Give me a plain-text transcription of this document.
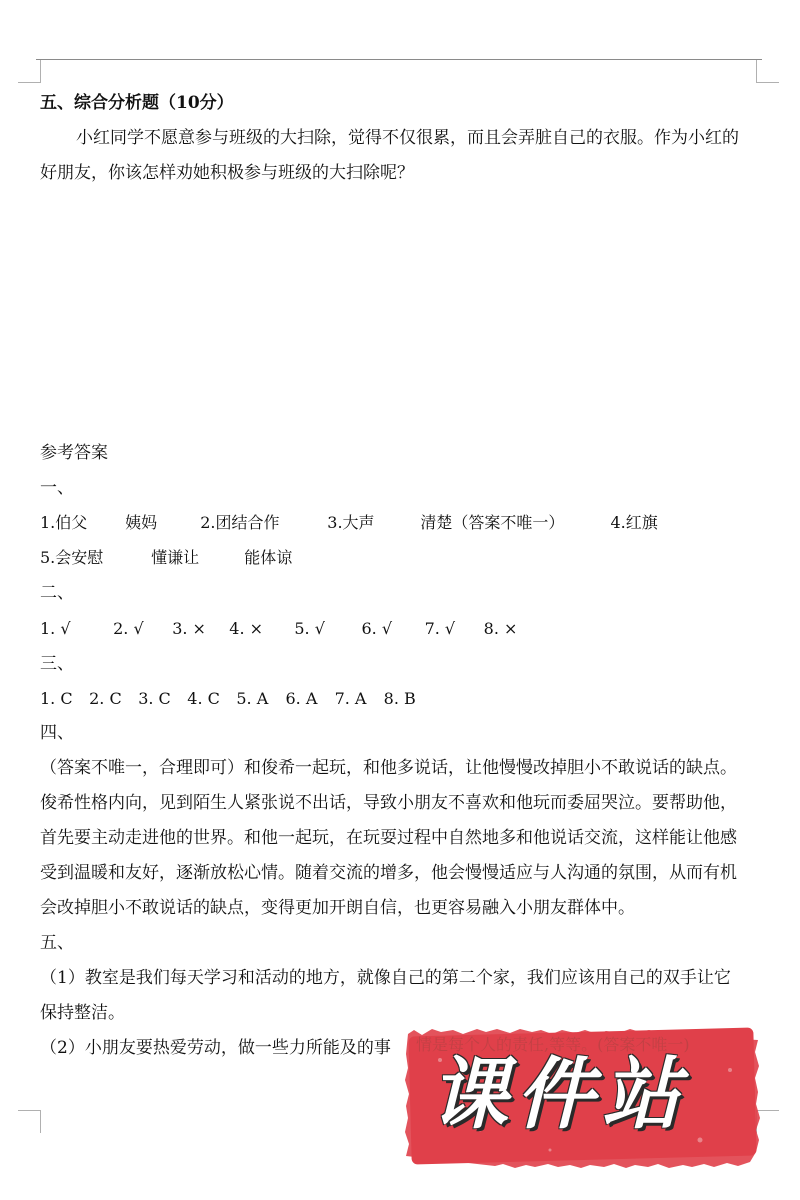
五、综合分析题（10分）
小红同学不愿意参与班级的大扫除，觉得不仅很累，而且会弄脏自己的衣服。作为小红的
好朋友，你该怎样劝她积极参与班级的大扫除呢？
参考答案
一、
1.伯父 姨妈	2.团结合作	3.大声	清楚（答案不唯一）	4.红旗
5.会安慰	懂谦让	能体谅
二、
1. √	2. √ 3. × 4. × 5. √ 6. √ 7. √ 8. ×
三、
1. C 2. C 3. C 4. C 5. A 6. A 7. A 8. B
四、
（答案不唯一，合理即可）和俊希一起玩，和他多说话，让他慢慢改掉胆小不敢说话的缺点。
俊希性格内向，见到陌生人紧张说不出话，导致小朋友不喜欢和他玩而委屈哭泣。要帮助他，
首先要主动走进他的世界。和他一起玩，在玩耍过程中自然地多和他说话交流，这样能让他感
受到温暖和友好，逐渐放松心情。随着交流的增多，他会慢慢适应与人沟通的氛围，从而有机
会改掉胆小不敢说话的缺点，变得更加开朗自信，也更容易融入小朋友群体中。
五、
（1）教室是我们每天学习和活动的地方，就像自己的第二个家，我们应该用自己的双手让它
保持整洁。
（2）小朋友要热爱劳动，做一些力所能及的事
课件站
情是每个人的责任,等等。(答案不唯一)
